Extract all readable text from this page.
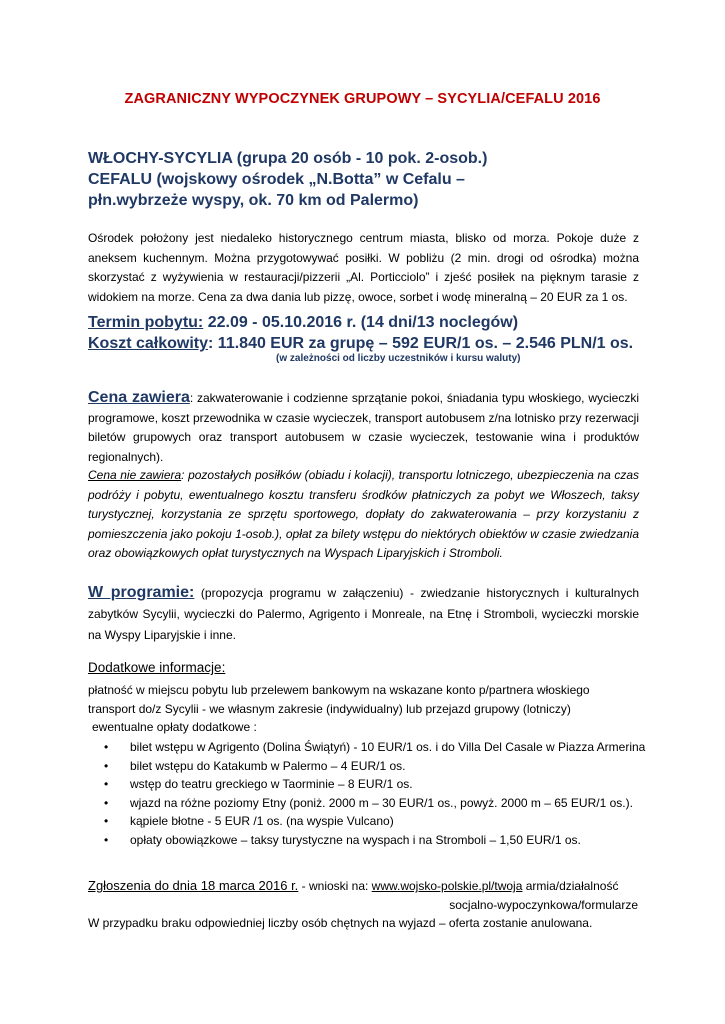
ZAGRANICZNY WYPOCZYNEK GRUPOWY – SYCYLIA/CEFALU 2016
WŁOCHY-SYCYLIA (grupa 20 osób - 10 pok. 2-osob.)
CEFALU (wojskowy ośrodek „N.Botta” w Cefalu –
płn.wybrzeże wyspy, ok. 70 km od Palermo)
Ośrodek położony jest niedaleko historycznego centrum miasta, blisko od morza. Pokoje duże z aneksem kuchennym. Można przygotowywać posiłki. W pobliżu (2 min. drogi od ośrodka) można skorzystać z wyżywienia w restauracji/pizzerii „Al. Porticciolo” i zjeść posiłek na pięknym tarasie z widokiem na morze. Cena za dwa dania lub pizzę, owoce, sorbet i wodę mineralną – 20 EUR za 1 os.
Termin pobytu: 22.09 - 05.10.2016 r. (14 dni/13 noclegów)
Koszt całkowity: 11.840 EUR za grupę – 592 EUR/1 os. – 2.546 PLN/1 os.
(w zależności od liczby uczestników i kursu waluty)
Cena zawiera: zakwaterowanie i codzienne sprzątanie pokoi, śniadania typu włoskiego, wycieczki programowe, koszt przewodnika w czasie wycieczek, transport autobusem z/na lotnisko przy rezerwacji biletów grupowych oraz transport autobusem w czasie wycieczek, testowanie wina i produktów regionalnych).
Cena nie zawiera: pozostałych posiłków (obiadu i kolacji), transportu lotniczego, ubezpieczenia na czas podróży i pobytu, ewentualnego kosztu transferu środków płatniczych za pobyt we Włoszech, taksy turystycznej, korzystania ze sprzętu sportowego, dopłaty do zakwaterowania – przy korzystaniu z pomieszczenia jako pokoju 1-osob.), opłat za bilety wstępu do niektórych obiektów w czasie zwiedzania oraz obowiązkowych opłat turystycznych na Wyspach Liparyjskich i Stromboli.
W programie: (propozycja programu w załączeniu) - zwiedzanie historycznych i kulturalnych zabytków Sycylii, wycieczki do Palermo, Agrigento i Monreale, na Etnę i Stromboli, wycieczki morskie na Wyspy Liparyjskie i inne.
Dodatkowe informacje:
płatność w miejscu pobytu lub przelewem bankowym na wskazane konto p/partnera włoskiego
transport do/z Sycylii - we własnym zakresie (indywidualny) lub przejazd grupowy (lotniczy)
ewentualne opłaty dodatkowe :
• bilet wstępu w Agrigento (Dolina Świątyń) - 10 EUR/1 os. i do Villa Del Casale w Piazza Armerina
• bilet wstępu do Katakumb w Palermo – 4 EUR/1 os.
• wstęp do teatru greckiego w Taorminie – 8 EUR/1 os.
• wjazd na różne poziomy Etny (poniż. 2000 m – 30 EUR/1 os., powyż. 2000 m – 65 EUR/1 os.).
• kąpiele błotne - 5 EUR /1 os. (na wyspie Vulcano)
• opłaty obowiązkowe – taksy turystyczne na wyspach i na Stromboli – 1,50 EUR/1 os.
Zgłoszenia do dnia 18 marca 2016 r. - wnioski na: www.wojsko-polskie.pl/twoja armia/działalność
socjalno-wypoczynkowa/formularze
W przypadku braku odpowiedniej liczby osób chętnych na wyjazd – oferta zostanie anulowana.
